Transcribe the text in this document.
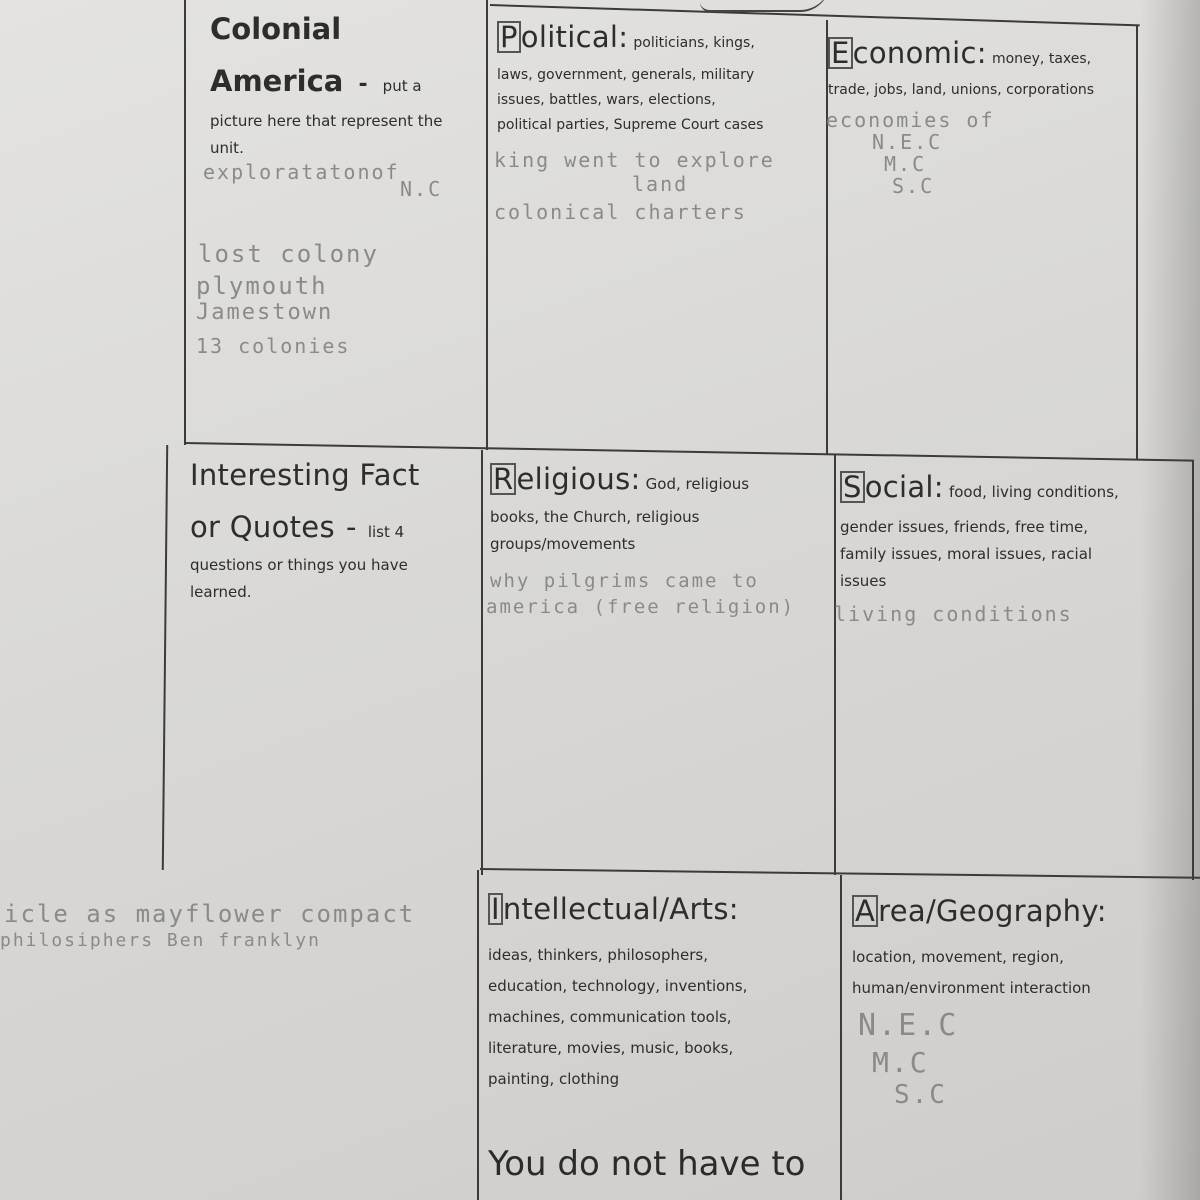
Colonial
America - put a
picture here that represent the
unit.
exploratatonof
N.C
lost colony
plymouth
Jamestown
13 colonies
P olitical: politicians, kings,
laws, government, generals, military
issues, battles, wars, elections,
political parties, Supreme Court cases
king went to explore
land
colonical charters
E conomic: money, taxes,
trade, jobs, land, unions, corporations
economies of
N.E.C
M.C
S.C
Interesting Fact
or Quotes - list 4
questions or things you have
learned.
R eligious: God, religious
books, the Church, religious
groups/movements
why pilgrims came to
america (free religion)
S ocial: food, living conditions,
gender issues, friends, free time,
family issues, moral issues, racial
issues
living conditions
I ntellectual/Arts:
ideas, thinkers, philosophers,
education, technology, inventions,
machines, communication tools,
literature, movies, music, books,
painting, clothing
You do not have to
A rea/Geography:
location, movement, region,
human/environment interaction
N.E.C
M.C
S.C
icle as mayflower compact
philosiphers Ben franklyn
